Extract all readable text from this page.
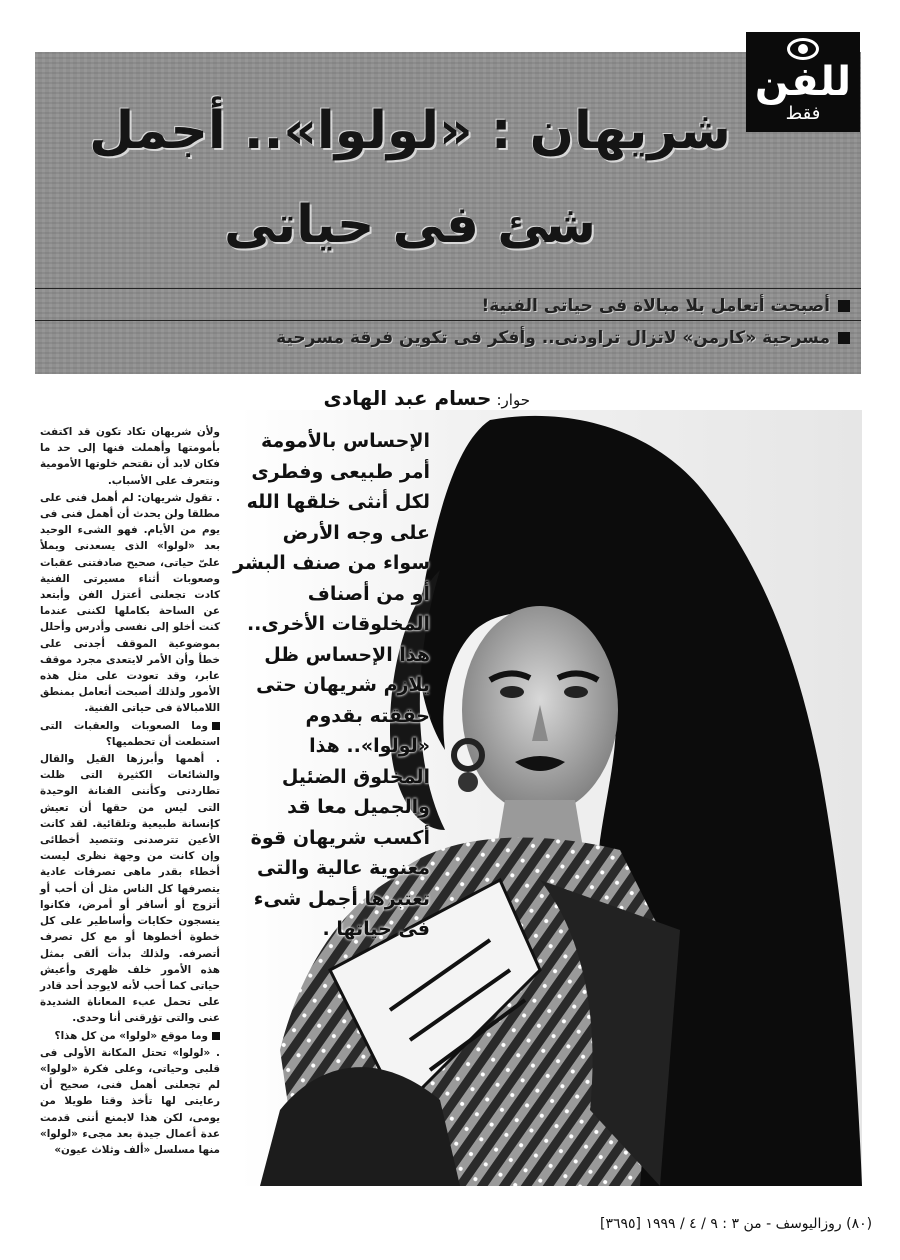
للفن
فقط
شريهان : «لولوا».. أجمل
شئ فى حياتى
أصبحت أتعامل بلا مبالاة فى حياتى الفنية!
مسرحية «كارمن» لاتزال تراودنى.. وأفكر فى تكوين فرقة مسرحية
حوار: حسام عبد الهادى
الإحساس بالأمومة أمر طبيعى وفطرى لكل أنثى خلقها الله على وجه الأرض سواء من صنف البشر أو من أصناف المخلوقات الأخرى.. هذا الإحساس ظل يلازم شريهان حتى حققته بقدوم «لولوا».. هذا المخلوق الضئيل والجميل معا قد أكسب شريهان قوة معنوية عالية والتى تعتبرها أجمل شىء فى حياتها .

ولأن شريهان تكاد تكون قد اكتفت بأمومتها وأهملت فنها إلى حد ما فكان لابد أن نقتحم خلوتها الأمومية ونتعرف على الأسباب.

. تقول شريهان: لم أهمل فنى على مطلقا ولن يحدث أن أهمل فنى فى يوم من الأيام. فهو الشىء الوحيد بعد «لولوا» الذى يسعدنى ويملأ علىّ حياتى، صحيح صادفتنى عقبات وصعوبات أثناء مسيرتى الفنية كادت تجعلنى أعتزل الفن وأبتعد عن الساحة بكاملها لكننى عندما كنت أخلو إلى نفسى وأدرس وأحلل بموضوعية الموقف أجدنى على خطأ وأن الأمر لايتعدى مجرد موقف عابر، وقد تعودت على مثل هذه الأمور ولذلك أصبحت أتعامل بمنطق اللامبالاة فى حياتى الفنية.

وما الصعوبات والعقبات التى استطعت أن تحطميها؟

. أهمها وأبرزها القيل والقال والشائعات الكثيرة التى ظلت تطاردنى وكأننى الفنانة الوحيدة التى ليس من حقها أن تعيش كإنسانة طبيعية وتلقائية. لقد كانت الأعين تترصدنى وتتصيد أخطائى وإن كانت من وجهة نظرى ليست أخطاء بقدر ماهى تصرفات عادية يتصرفها كل الناس مثل أن أحب أو أتزوج أو أسافر أو أمرض، فكانوا ينسجون حكايات وأساطير على كل خطوة أخطوها أو مع كل تصرف أتصرفه. ولذلك بدأت ألقى بمثل هذه الأمور خلف ظهرى وأعيش حياتى كما أحب لأنه لايوجد أحد قادر على تحمل عبء المعاناة الشديدة عنى والتى تؤرقنى أنا وحدى.

وما موقع «لولوا» من كل هذا؟

. «لولوا» تحتل المكانة الأولى فى قلبى وحياتى، وعلى فكرة «لولوا» لم تجعلنى أهمل فنى، صحيح أن رعايتى لها تأخذ وقتا طويلا من يومى، لكن هذا لايمنع أننى قدمت عدة أعمال جيدة بعد مجىء «لولوا» منها مسلسل «ألف وثلاث عيون»

(٨٠) روزاليوسف - من ٣ : ٩ / ٤ / ١٩٩٩ [٣٦٩٥]
